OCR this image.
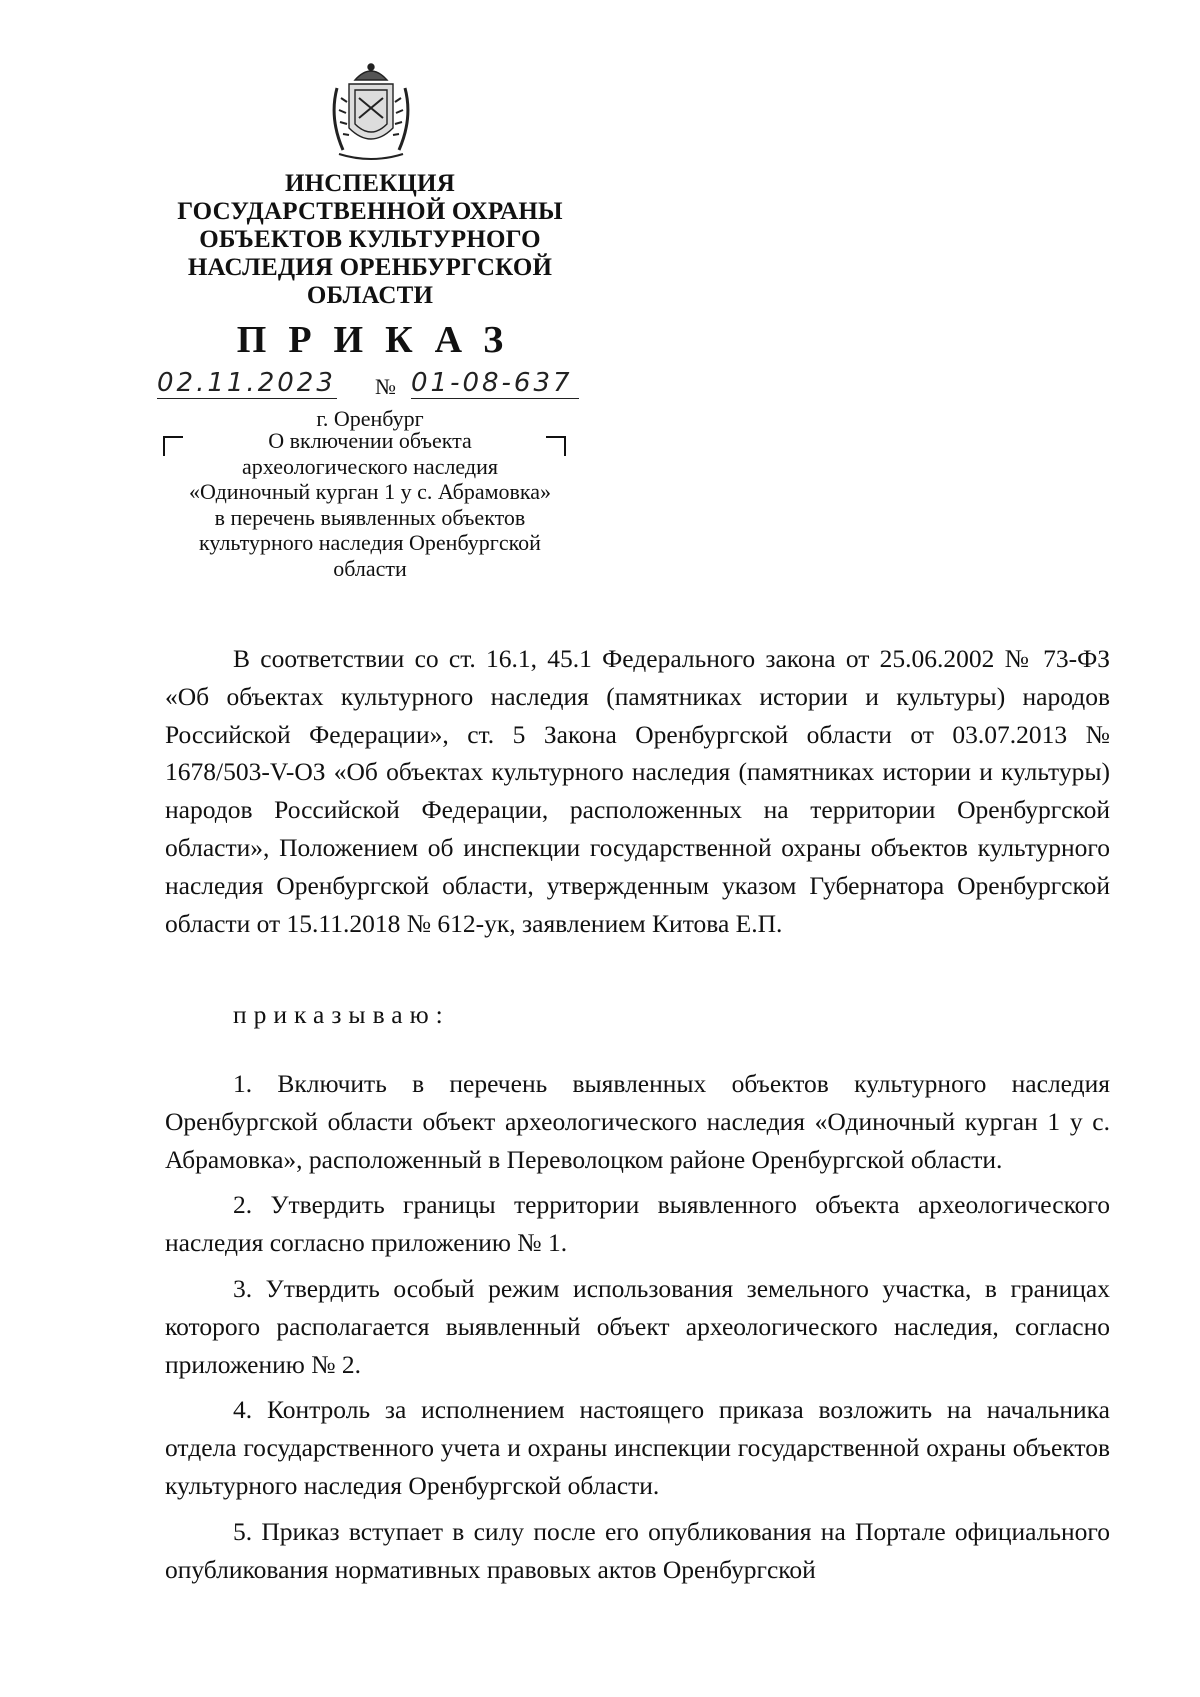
ИНСПЕКЦИЯ
ГОСУДАРСТВЕННОЙ ОХРАНЫ
ОБЪЕКТОВ КУЛЬТУРНОГО
НАСЛЕДИЯ ОРЕНБУРГСКОЙ
ОБЛАСТИ
ПРИКАЗ
02.11.2023 № 01-08-637
г. Оренбург
О включении объекта
археологического наследия
«Одиночный курган 1 у с. Абрамовка»
в перечень выявленных объектов
культурного наследия Оренбургской
области

В соответствии со ст. 16.1, 45.1 Федерального закона от 25.06.2002 № 73-ФЗ «Об объектах культурного наследия (памятниках истории и культуры) народов Российской Федерации», ст. 5 Закона Оренбургской области от 03.07.2013 № 1678/503-V-ОЗ «Об объектах культурного наследия (памятниках истории и культуры) народов Российской Федерации, расположенных на территории Оренбургской области», Положением об инспекции государственной охраны объектов культурного наследия Оренбургской области, утвержденным указом Губернатора Оренбургской области от 15.11.2018 № 612-ук, заявлением Китова Е.П.

приказываю:

1. Включить в перечень выявленных объектов культурного наследия Оренбургской области объект археологического наследия «Одиночный курган 1 у с. Абрамовка», расположенный в Переволоцком районе Оренбургской области.

2. Утвердить границы территории выявленного объекта археологического наследия согласно приложению № 1.

3. Утвердить особый режим использования земельного участка, в границах которого располагается выявленный объект археологического наследия, согласно приложению № 2.

4. Контроль за исполнением настоящего приказа возложить на начальника отдела государственного учета и охраны инспекции государственной охраны объектов культурного наследия Оренбургской области.

5. Приказ вступает в силу после его опубликования на Портале официального опубликования нормативных правовых актов Оренбургской
